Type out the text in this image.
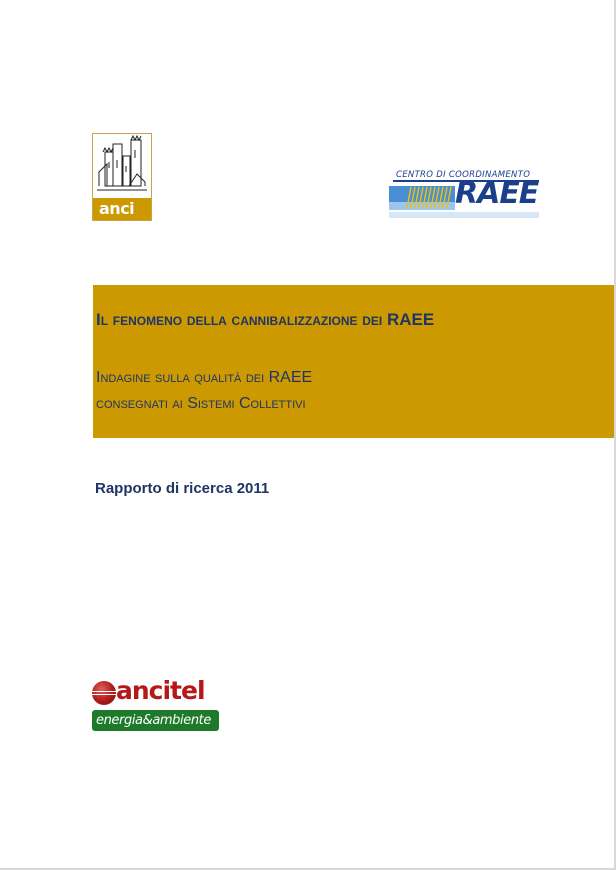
anci
CENTRO DI COORDINAMENTO
RAEE
Il fenomeno della cannibalizzazione dei RAEE
Indagine sulla qualità dei RAEE
consegnati ai Sistemi Collettivi
Rapporto di ricerca 2011
ancitel
energia&ambiente
